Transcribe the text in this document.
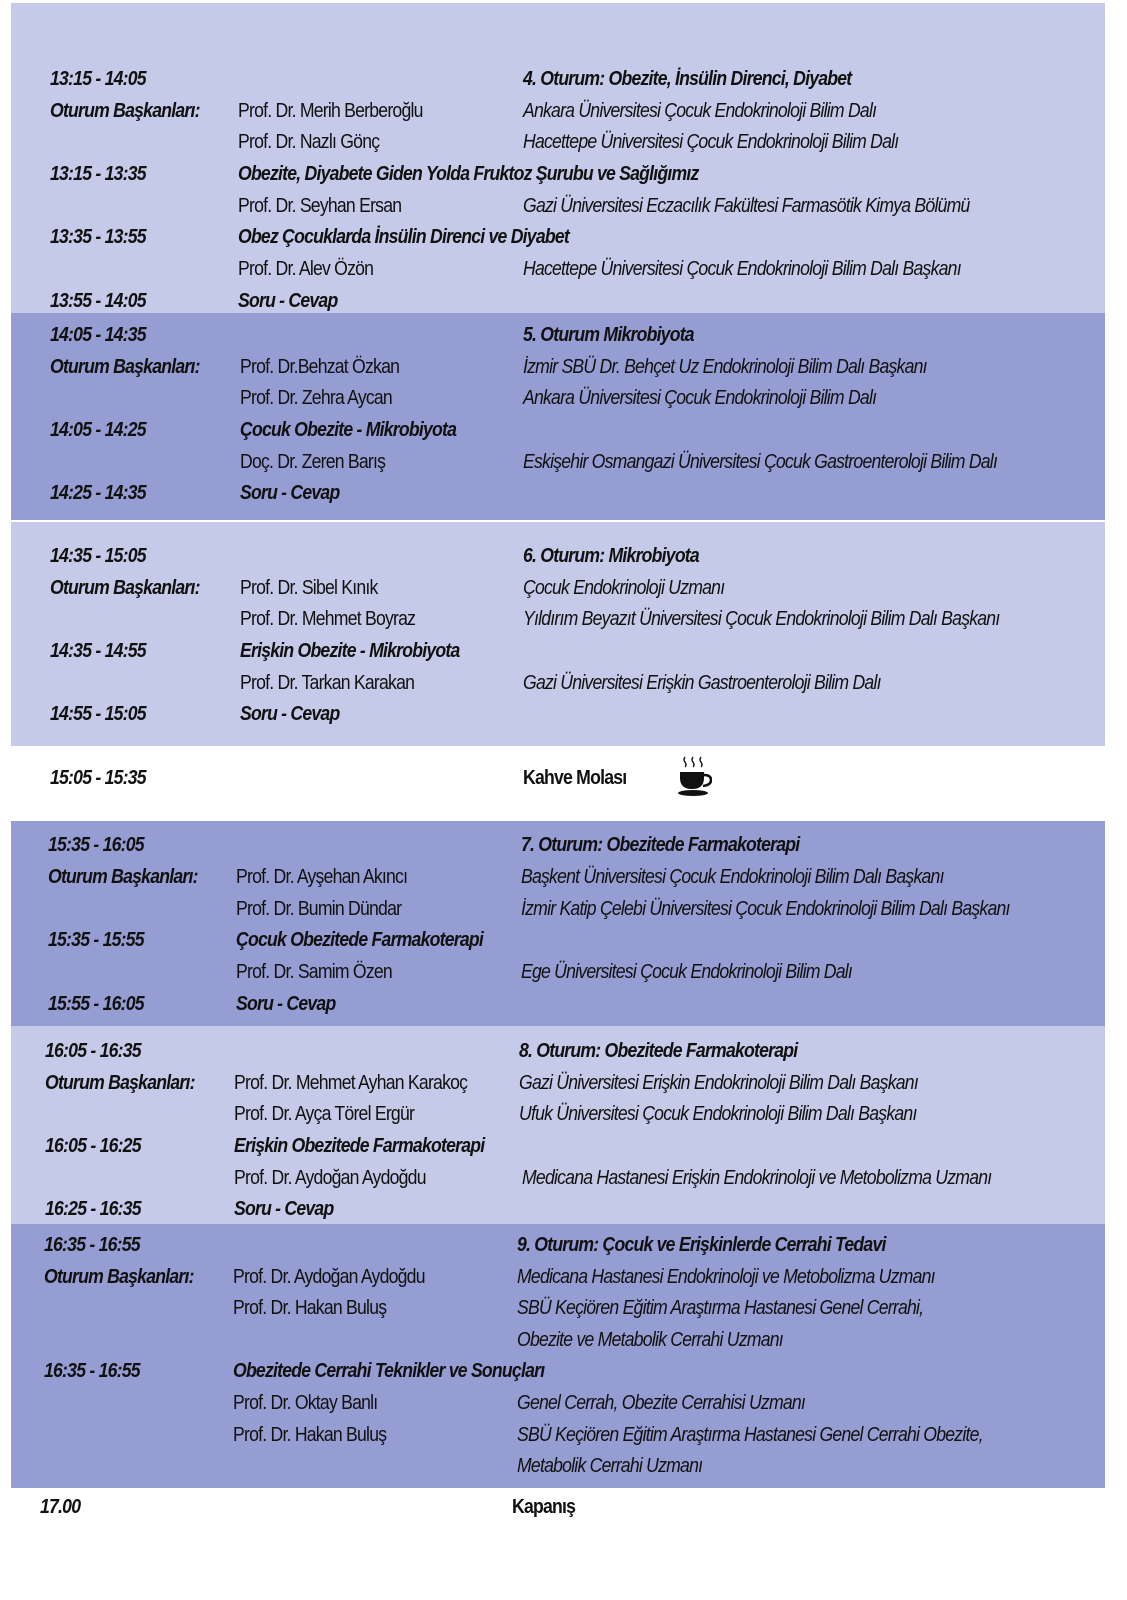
13:15 - 14:05	4. Oturum: Obezite, İnsülin Direnci, Diyabet
Oturum Başkanları: Prof. Dr. Merih Berberoğlu	Ankara Üniversitesi Çocuk Endokrinoloji Bilim Dalı
Prof. Dr. Nazlı Gönç	Hacettepe Üniversitesi Çocuk Endokrinoloji Bilim Dalı
13:15 - 13:35	Obezite, Diyabete Giden Yolda Fruktoz Şurubu ve Sağlığımız
Prof. Dr. Seyhan Ersan	Gazi Üniversitesi Eczacılık Fakültesi Farmasötik Kimya Bölümü
13:35 - 13:55	Obez Çocuklarda İnsülin Direnci ve Diyabet
Prof. Dr. Alev Özön	Hacettepe Üniversitesi Çocuk Endokrinoloji Bilim Dalı Başkanı
13:55 - 14:05	Soru - Cevap
14:05 - 14:35	5. Oturum Mikrobiyota
Oturum Başkanları: Prof. Dr.Behzat Özkan	İzmir SBÜ Dr. Behçet Uz Endokrinoloji Bilim Dalı Başkanı
Prof. Dr. Zehra Aycan	Ankara Üniversitesi Çocuk Endokrinoloji Bilim Dalı
14:05 - 14:25	Çocuk Obezite - Mikrobiyota
Doç. Dr. Zeren Barış	Eskişehir Osmangazi Üniversitesi Çocuk Gastroenteroloji Bilim Dalı
14:25 - 14:35	Soru - Cevap
14:35 - 15:05	6. Oturum: Mikrobiyota
Oturum Başkanları: Prof. Dr. Sibel Kınık	Çocuk Endokrinoloji Uzmanı
Prof. Dr. Mehmet Boyraz	Yıldırım Beyazıt Üniversitesi Çocuk Endokrinoloji Bilim Dalı Başkanı
14:35 - 14:55	Erişkin Obezite - Mikrobiyota
Prof. Dr. Tarkan Karakan	Gazi Üniversitesi Erişkin Gastroenteroloji Bilim Dalı
14:55 - 15:05	Soru - Cevap
15:05 - 15:35	Kahve Molası
15:35 - 16:05	7. Oturum: Obezitede Farmakoterapi
Oturum Başkanları: Prof. Dr. Ayşehan Akıncı	Başkent Üniversitesi Çocuk Endokrinoloji Bilim Dalı Başkanı
Prof. Dr. Bumin Dündar	İzmir Katip Çelebi Üniversitesi Çocuk Endokrinoloji Bilim Dalı Başkanı
15:35 - 15:55	Çocuk Obezitede Farmakoterapi
Prof. Dr. Samim Özen	Ege Üniversitesi Çocuk Endokrinoloji Bilim Dalı
15:55 - 16:05	Soru - Cevap
16:05 - 16:35	8. Oturum: Obezitede Farmakoterapi
Oturum Başkanları: Prof. Dr. Mehmet Ayhan Karakoç	Gazi Üniversitesi Erişkin Endokrinoloji Bilim Dalı Başkanı
Prof. Dr. Ayça Törel Ergür	Ufuk Üniversitesi Çocuk Endokrinoloji Bilim Dalı Başkanı
16:05 - 16:25	Erişkin Obezitede Farmakoterapi
Prof. Dr. Aydoğan Aydoğdu	Medicana Hastanesi Erişkin Endokrinoloji ve Metobolizma Uzmanı
16:25 - 16:35	Soru - Cevap
16:35 - 16:55	9. Oturum: Çocuk ve Erişkinlerde Cerrahi Tedavi
Oturum Başkanları: Prof. Dr. Aydoğan Aydoğdu	Medicana Hastanesi Endokrinoloji ve Metobolizma Uzmanı
Prof. Dr. Hakan Buluş	SBÜ Keçiören Eğitim Araştırma Hastanesi Genel Cerrahi,
Obezite ve Metabolik Cerrahi Uzmanı
16:35 - 16:55	Obezitede Cerrahi Teknikler ve Sonuçları
Prof. Dr. Oktay Banlı	Genel Cerrah, Obezite Cerrahisi Uzmanı
Prof. Dr. Hakan Buluş	SBÜ Keçiören Eğitim Araştırma Hastanesi Genel Cerrahi Obezite,
Metabolik Cerrahi Uzmanı
17.00	Kapanış
